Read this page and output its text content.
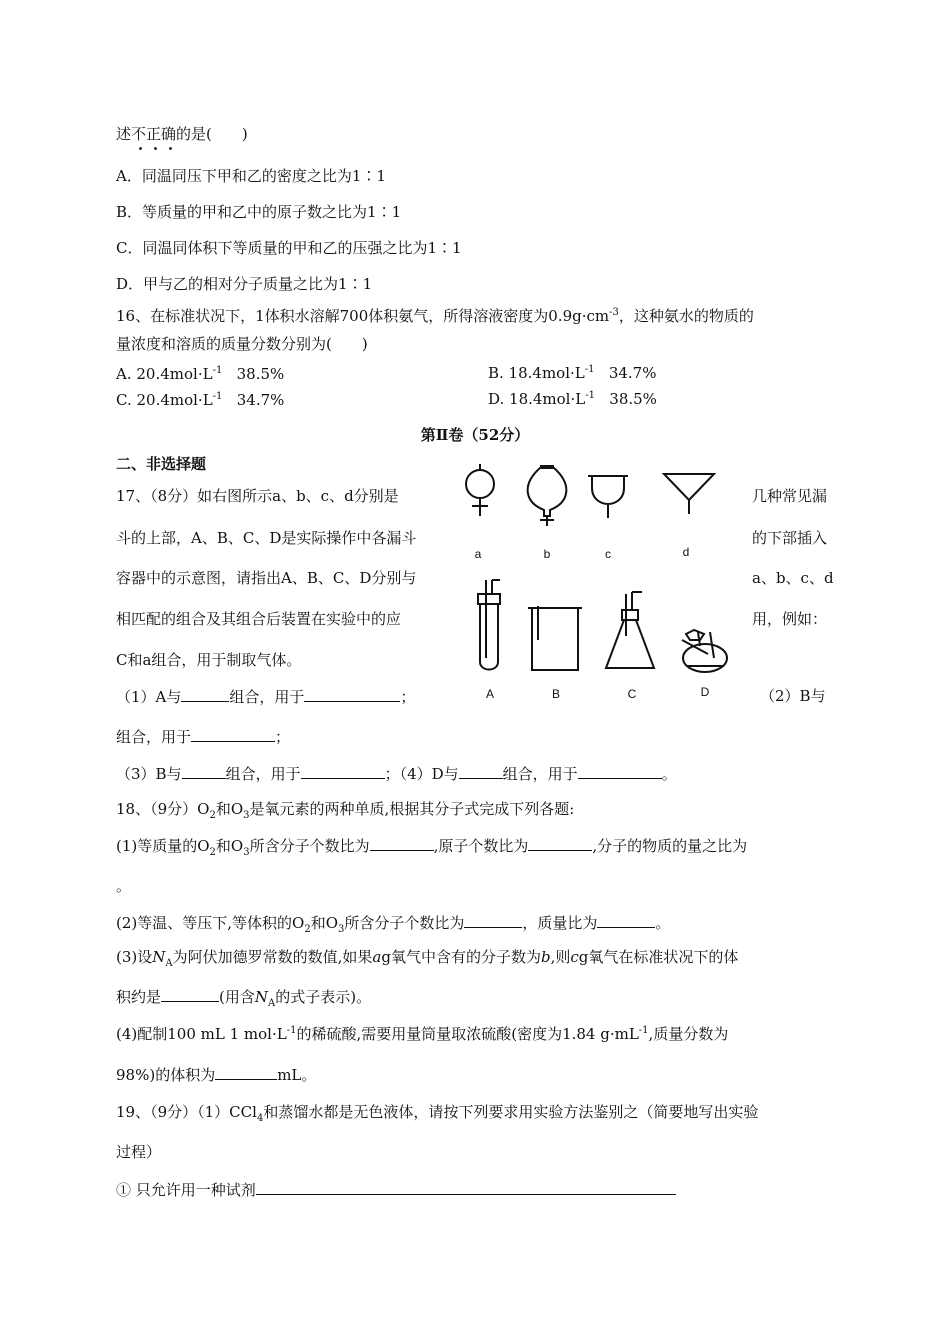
述不正确的是(　　)
A．同温同压下甲和乙的密度之比为1∶1
B．等质量的甲和乙中的原子数之比为1∶1
C．同温同体积下等质量的甲和乙的压强之比为1∶1
D．甲与乙的相对分子质量之比为1∶1
16、在标准状况下，1体积水溶解700体积氨气，所得溶液密度为$0.9g\cdot cm^{-3}$，这种氨水的物质的
量浓度和溶质的质量分数分别为(　　)
A. $20.4mol\cdot L^{-1}$ 38.5%	B. $18.4mol\cdot L^{-1}$ 34.7%
C. $20.4mol\cdot L^{-1}$ 34.7%	D. $18.4mol\cdot L^{-1}$ 38.5%
第Ⅱ卷（52分）
二、非选择题
17、（8分）如右图所示a、b、c、d分别是	几种常见漏
斗的上部，A、B、C、D是实际操作中各漏斗	的下部插入
容器中的示意图，请指出A、B、C、D分别与	a、b、c、d
相匹配的组合及其组合后装置在实验中的应	用，例如：
C和a组合，用于制取气体。
a	b	c	d
A	B	C	D
（1）A与	组合，用于	；	（2）B与
组合，用于	；
（3）B与	组合，用于	；（4）D与	组合，用于	。
18、（9分）$O_2$和$O_3$是氧元素的两种单质,根据其分子式完成下列各题:
(1)等质量的$O_2$和$O_3$所含分子个数比为	,原子个数比为	,分子的物质的量之比为
。
(2)等温、等压下,等体积的$O_2$和$O_3$所含分子个数比为	，质量比为	。
(3)设$N_A$为阿伏加德罗常数的数值,如果ag氧气中含有的分子数为b,则cg氧气在标准状况下的体
积约是	(用含$N_A$的式子表示)。
(4)配制100 mL 1 $mol\cdot L^{-1}$的稀硫酸,需要用量筒量取浓硫酸(密度为1.84 $g\cdot mL^{-1}$,质量分数为
98%)的体积为	mL。
19、（9分）（1）CCl$_4$和蒸馏水都是无色液体，请按下列要求用实验方法鉴别之（简要地写出实验
过程）
① 只允许用一种试剂
